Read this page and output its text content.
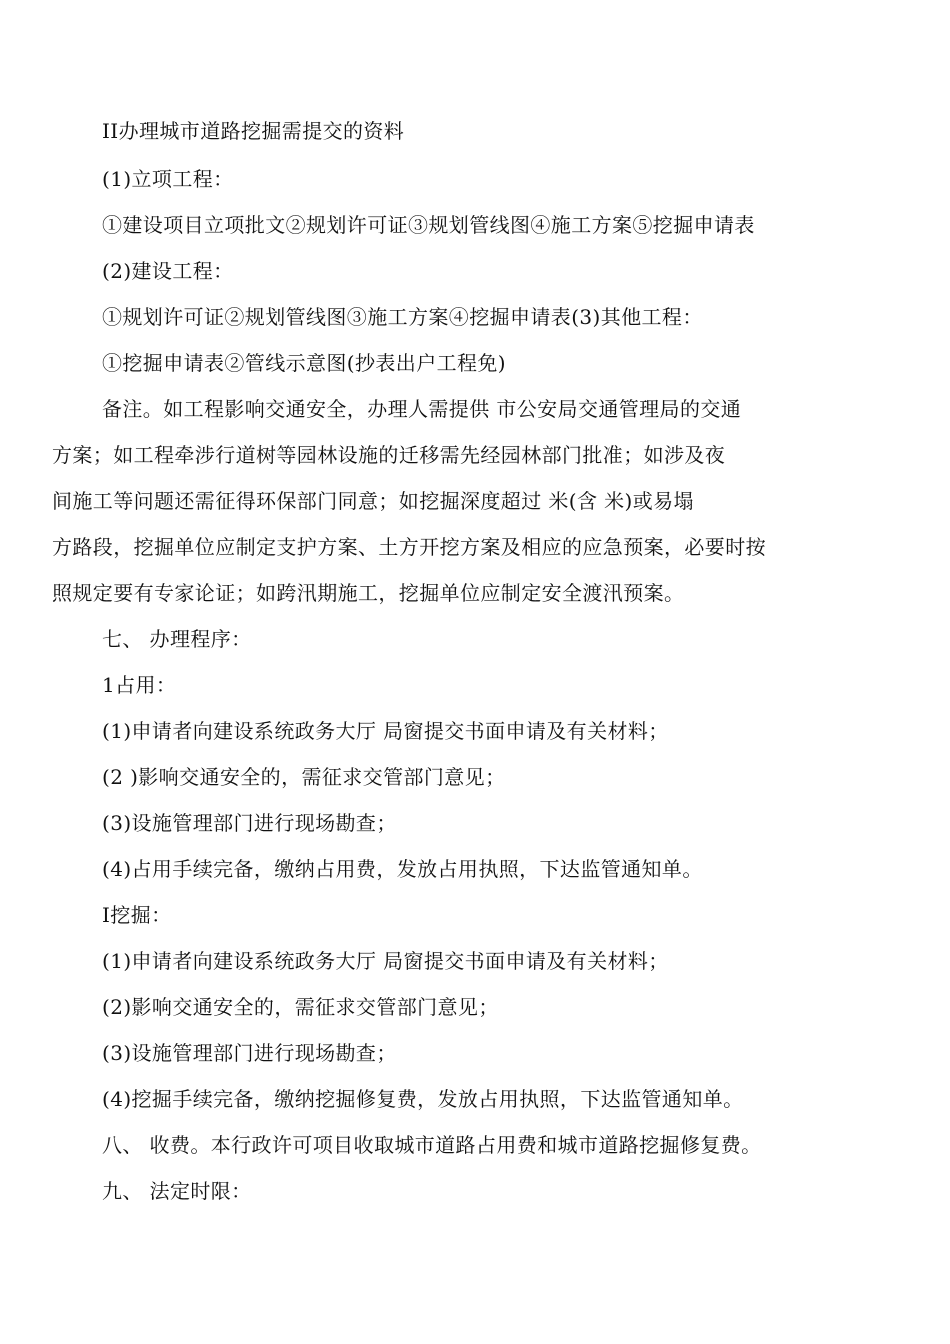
II办理城市道路挖掘需提交的资料
(1)立项工程：
①建设项目立项批文②规划许可证③规划管线图④施工方案⑤挖掘申请表
(2)建设工程：
①规划许可证②规划管线图③施工方案④挖掘申请表(3)其他工程：
①挖掘申请表②管线示意图(抄表出户工程免)
备注。如工程影响交通安全，办理人需提供 市公安局交通管理局的交通
方案；如工程牵涉行道树等园林设施的迁移需先经园林部门批准；如涉及夜
间施工等问题还需征得环保部门同意；如挖掘深度超过 米(含 米)或易塌
方路段，挖掘单位应制定支护方案、土方开挖方案及相应的应急预案，必要时按
照规定要有专家论证；如跨汛期施工，挖掘单位应制定安全渡汛预案。
七、 办理程序：
1占用：
(1)申请者向建设系统政务大厅 局窗提交书面申请及有关材料；
(2 )影响交通安全的，需征求交管部门意见；
(3)设施管理部门进行现场勘查；
(4)占用手续完备，缴纳占用费，发放占用执照，下达监管通知单。
I挖掘：
(1)申请者向建设系统政务大厅 局窗提交书面申请及有关材料；
(2)影响交通安全的，需征求交管部门意见；
(3)设施管理部门进行现场勘查；
(4)挖掘手续完备，缴纳挖掘修复费，发放占用执照，下达监管通知单。
八、 收费。本行政许可项目收取城市道路占用费和城市道路挖掘修复费。
九、 法定时限：
